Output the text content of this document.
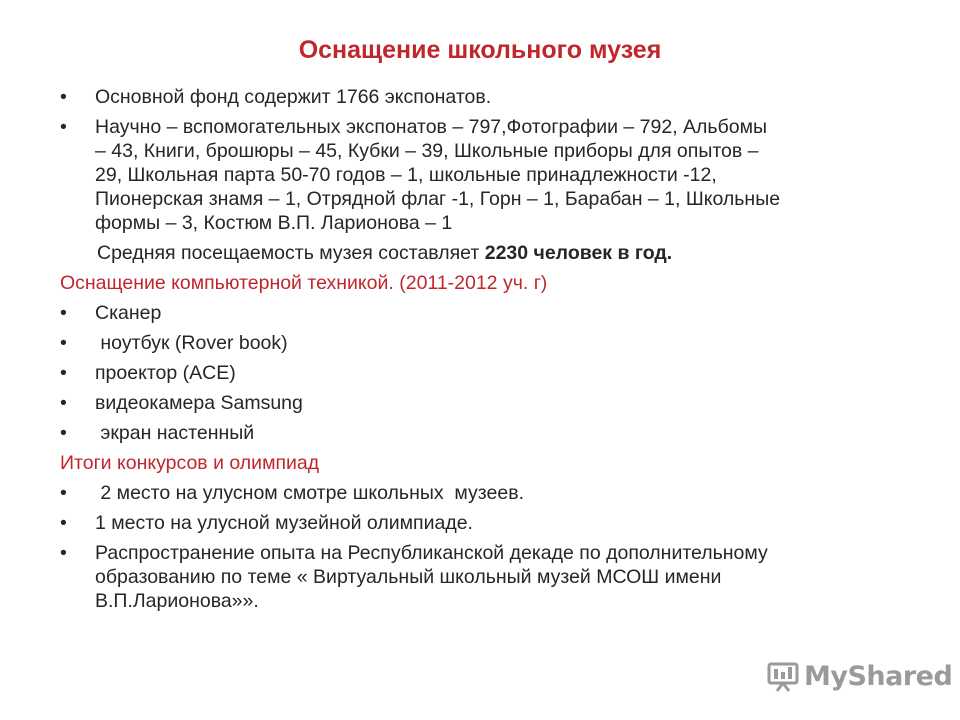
Оснащение школьного музея
•	Основной фонд содержит 1766 экспонатов.
•	Научно – вспомогательных экспонатов – 797,Фотографии – 792, Альбомы
– 43, Книги, брошюры – 45, Кубки – 39, Школьные приборы для опытов –
29, Школьная парта 50-70 годов – 1, школьные принадлежности -12,
Пионерская знамя – 1, Отрядной флаг -1, Горн – 1, Барабан – 1, Школьные
формы – 3, Костюм В.П. Ларионова – 1
Средняя посещаемость музея составляет 2230 человек в год.
Оснащение компьютерной техникой. (2011-2012 уч. г)
•	Сканер
•	ноутбук (Rover book)
•	проектор (ACE)
•	видеокамера Samsung
•	экран настенный
Итоги конкурсов и олимпиад
•	2 место на улусном смотре школьных  музеев.
•	1 место на улусной музейной олимпиаде.
•	Распространение опыта на Республиканской декаде по дополнительному
образованию по теме « Виртуальный школьный музей МСОШ имени
В.П.Ларионова»».
MyShared
